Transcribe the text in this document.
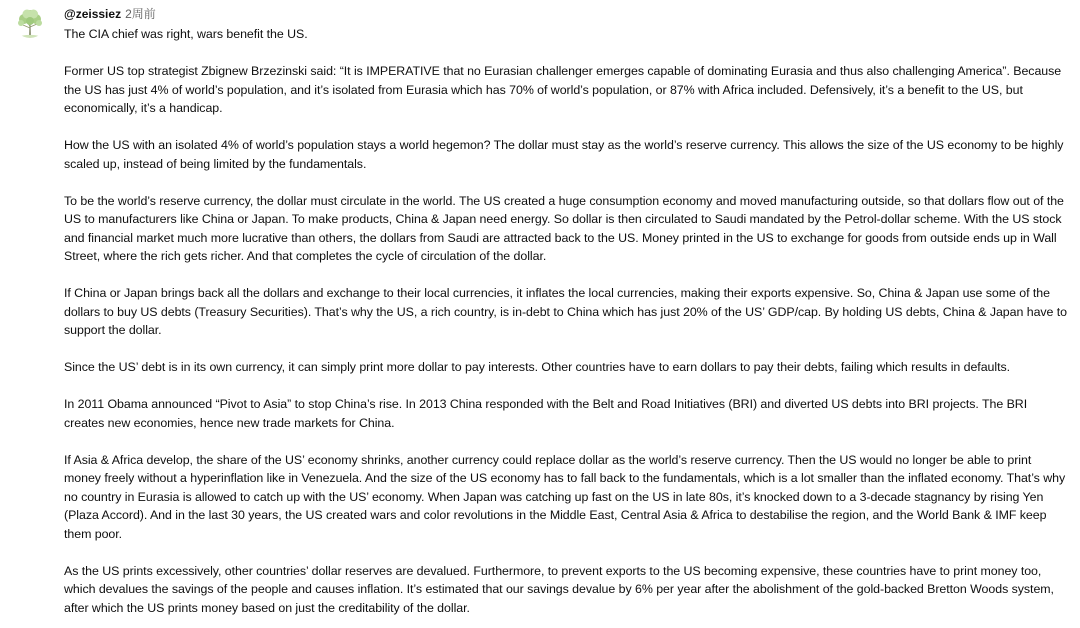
@zeissiez 2周前

The CIA chief was right, wars benefit the US.

Former US top strategist Zbignew Brzezinski said: “It is IMPERATIVE that no Eurasian challenger emerges capable of dominating Eurasia and thus also challenging America”. Because the US has just 4% of world’s population, and it’s isolated from Eurasia which has 70% of world’s population, or 87% with Africa included. Defensively, it’s a benefit to the US, but economically, it’s a handicap.

How the US with an isolated 4% of world’s population stays a world hegemon? The dollar must stay as the world’s reserve currency. This allows the size of the US economy to be highly scaled up, instead of being limited by the fundamentals.

To be the world’s reserve currency, the dollar must circulate in the world. The US created a huge consumption economy and moved manufacturing outside, so that dollars flow out of the US to manufacturers like China or Japan. To make products, China & Japan need energy. So dollar is then circulated to Saudi mandated by the Petrol-dollar scheme. With the US stock and financial market much more lucrative than others, the dollars from Saudi are attracted back to the US. Money printed in the US to exchange for goods from outside ends up in Wall Street, where the rich gets richer. And that completes the cycle of circulation of the dollar.

If China or Japan brings back all the dollars and exchange to their local currencies, it inflates the local currencies, making their exports expensive. So, China & Japan use some of the dollars to buy US debts (Treasury Securities). That’s why the US, a rich country, is in-debt to China which has just 20% of the US’ GDP/cap. By holding US debts, China & Japan have to support the dollar.

Since the US’ debt is in its own currency, it can simply print more dollar to pay interests. Other countries have to earn dollars to pay their debts, failing which results in defaults.

In 2011 Obama announced “Pivot to Asia” to stop China’s rise. In 2013 China responded with the Belt and Road Initiatives (BRI) and diverted US debts into BRI projects. The BRI creates new economies, hence new trade markets for China.

If Asia & Africa develop, the share of the US’ economy shrinks, another currency could replace dollar as the world’s reserve currency. Then the US would no longer be able to print money freely without a hyperinflation like in Venezuela. And the size of the US economy has to fall back to the fundamentals, which is a lot smaller than the inflated economy. That’s why no country in Eurasia is allowed to catch up with the US’ economy. When Japan was catching up fast on the US in late 80s, it’s knocked down to a 3-decade stagnancy by rising Yen (Plaza Accord). And in the last 30 years, the US created wars and color revolutions in the Middle East, Central Asia & Africa to destabilise the region, and the World Bank & IMF keep them poor.

As the US prints excessively, other countries’ dollar reserves are devalued. Furthermore, to prevent exports to the US becoming expensive, these countries have to print money too, which devalues the savings of the people and causes inflation. It’s estimated that our savings devalue by 6% per year after the abolishment of the gold-backed Bretton Woods system, after which the US prints money based on just the creditability of the dollar.
